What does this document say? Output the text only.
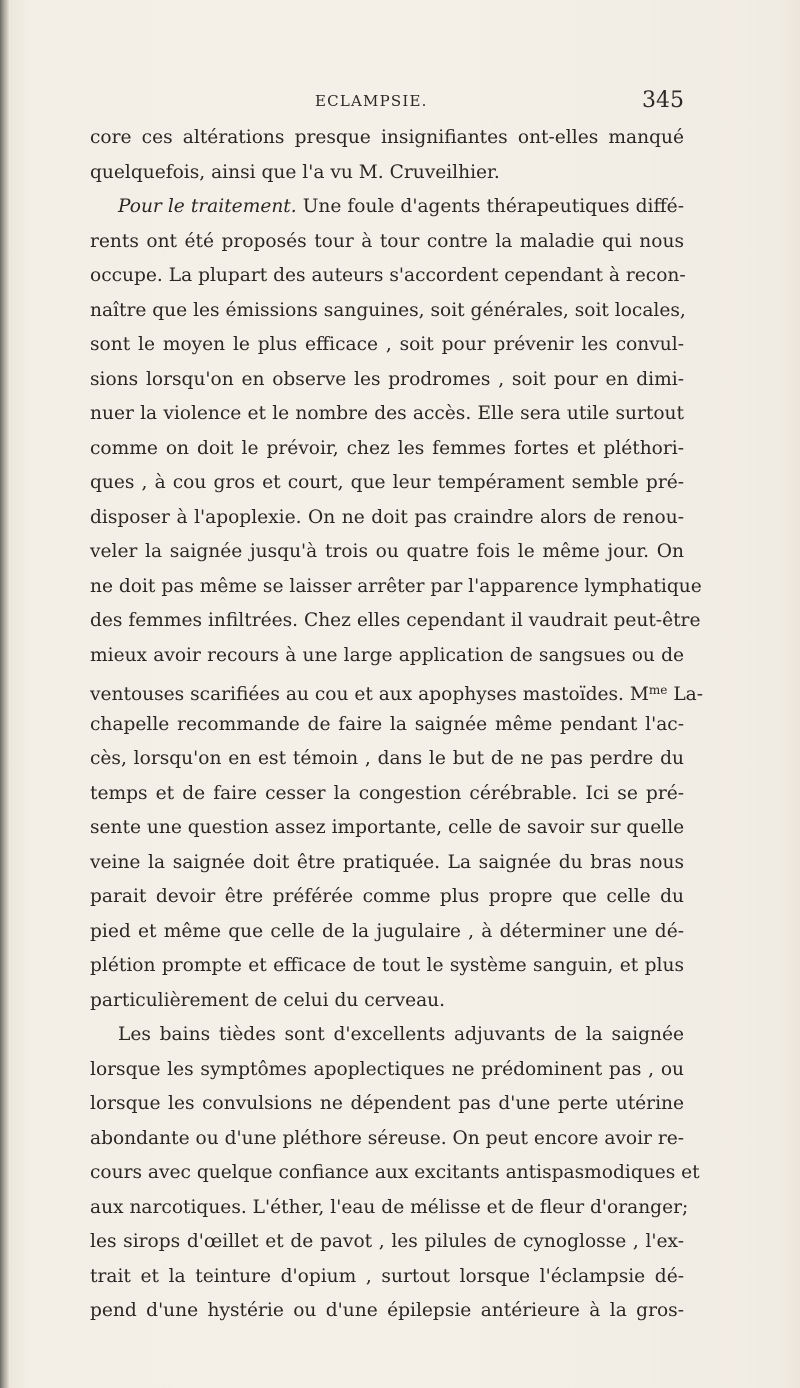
ECLAMPSIE.	345
core ces altérations presque insignifiantes ont-elles manqué
quelquefois, ainsi que l'a vu M. Cruveilhier.
Pour le traitement. Une foule d'agents thérapeutiques diffé-
rents ont été proposés tour à tour contre la maladie qui nous
occupe. La plupart des auteurs s'accordent cependant à recon-
naître que les émissions sanguines, soit générales, soit locales,
sont le moyen le plus efficace , soit pour prévenir les convul-
sions lorsqu'on en observe les prodromes , soit pour en dimi-
nuer la violence et le nombre des accès. Elle sera utile surtout
comme on doit le prévoir, chez les femmes fortes et pléthori-
ques , à cou gros et court, que leur tempérament semble pré-
disposer à l'apoplexie. On ne doit pas craindre alors de renou-
veler la saignée jusqu'à trois ou quatre fois le même jour. On
ne doit pas même se laisser arrêter par l'apparence lymphatique
des femmes infiltrées. Chez elles cependant il vaudrait peut-être
mieux avoir recours à une large application de sangsues ou de
ventouses scarifiées au cou et aux apophyses mastoïdes. $M^{me}$ La-
chapelle recommande de faire la saignée même pendant l'ac-
cès, lorsqu'on en est témoin , dans le but de ne pas perdre du
temps et de faire cesser la congestion cérébrable. Ici se pré-
sente une question assez importante, celle de savoir sur quelle
veine la saignée doit être pratiquée. La saignée du bras nous
parait devoir être préférée comme plus propre que celle du
pied et même que celle de la jugulaire , à déterminer une dé-
plétion prompte et efficace de tout le système sanguin, et plus
particulièrement de celui du cerveau.
Les bains tièdes sont d'excellents adjuvants de la saignée
lorsque les symptômes apoplectiques ne prédominent pas , ou
lorsque les convulsions ne dépendent pas d'une perte utérine
abondante ou d'une pléthore séreuse. On peut encore avoir re-
cours avec quelque confiance aux excitants antispasmodiques et
aux narcotiques. L'éther, l'eau de mélisse et de fleur d'oranger;
les sirops d'œillet et de pavot , les pilules de cynoglosse , l'ex-
trait et la teinture d'opium , surtout lorsque l'éclampsie dé-
pend d'une hystérie ou d'une épilepsie antérieure à la gros-
